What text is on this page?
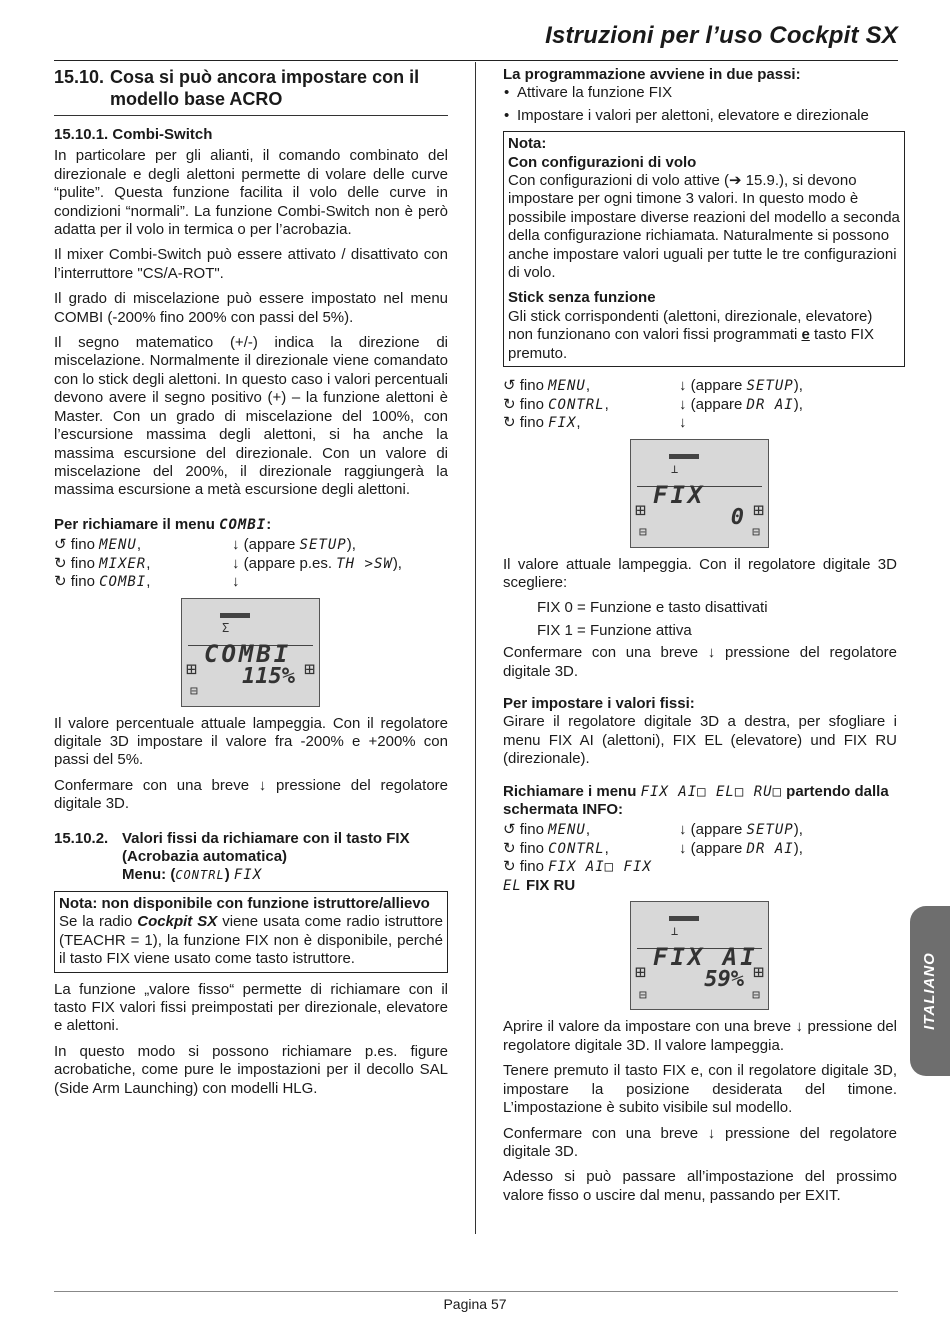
Istruzioni per l’uso Cockpit SX
15.10. Cosa si può ancora impostare con il modello base ACRO
15.10.1. Combi-Switch

In particolare per gli alianti, il comando combinato del direzionale e degli alettoni permette di volare delle curve “pulite”. Questa funzione facilita il volo delle curve in condizioni “normali”. La funzione Combi-Switch non è però adatta per il volo in termica o per l’acrobazia.

Il mixer Combi-Switch può essere attivato / disattivato con l’interruttore "CS/A-ROT".

Il grado di miscelazione può essere impostato nel menu COMBI (-200% fino 200% con passi del 5%).

Il segno matematico (+/-) indica la direzione di miscelazione. Normalmente il direzionale viene comandato con lo stick degli alettoni. In questo caso i valori percentuali devono avere il segno positivo (+) – la funzione alettoni è Master. Con un grado di miscelazione del 100%, con l’escursione massima degli alettoni, si ha anche la massima escursione del direzionale. Con un valore di miscelazione del 200%, il direzionale raggiungerà la massima escursione a metà escursione degli alettoni.

Per richiamare il menu COMBI:
↺ fino MENU,	↓ (appare SETUP),
↻ fino MIXER,	↓ (appare p.es. TH >SW),
↻ fino COMBI,	↓
Σ
COMBI
115%
⊞	⊞
⊟

Il valore percentuale attuale lampeggia. Con il regolatore digitale 3D impostare il valore fra -200% e +200% con passi del 5%.

Confermare con una breve ↓ pressione del regolatore digitale 3D.

15.10.2. Valori fissi da richiamare con il tasto FIX (Acrobazia automatica)
Menu: (CONTRL) FIX
Nota: non disponibile con funzione istruttore/allievo

Se la radio Cockpit SX viene usata come radio istruttore (TEACHR = 1), la funzione FIX non è disponibile, perché il tasto FIX viene usato come tasto istruttore.

La funzione „valore fisso“ permette di richiamare con il tasto FIX valori fissi preimpostati per direzionale, elevatore e alettoni.

In questo modo si possono richiamare p.es. figure acrobatiche, come pure le impostazioni per il decollo SAL (Side Arm Launching) con modelli HLG.

La programmazione avviene in due passi:
• Attivare la funzione FIX
• Impostare i valori per alettoni, elevatore e direzionale
Nota:
Con configurazioni di volo

Con configurazioni di volo attive (➔ 15.9.), si devono impostare per ogni timone 3 valori. In questo modo è possibile impostare diverse reazioni del modello a seconda della configurazione richiamata. Naturalmente si possono anche impostare valori uguali per tutte le tre configurazioni di volo.

Stick senza funzione

Gli stick corrispondenti (alettoni, direzionale, elevatore) non funzionano con valori fissi programmati e tasto FIX premuto.

↺ fino MENU,	↓ (appare SETUP),
↻ fino CONTRL,	↓ (appare DR AI),
↻ fino FIX,	↓
⊥
FIX
0
⊞	⊞
⊟	⊟

Il valore attuale lampeggia. Con il regolatore digitale 3D scegliere:

FIX 0 = Funzione e tasto disattivati
FIX 1 = Funzione attiva

Confermare con una breve ↓ pressione del regolatore digitale 3D.

Per impostare i valori fissi:

Girare il regolatore digitale 3D a destra, per sfogliare i menu FIX AI (alettoni), FIX EL (elevatore) und FIX RU (direzionale).

Richiamare i menu FIX AI□ EL□ RU□ partendo dalla schermata INFO:
↺ fino MENU,	↓ (appare SETUP),
↻ fino CONTRL,	↓ (appare DR AI),
↻ fino FIX AI□ FIX EL FIX RU
⊥
FIX AI
59%
⊞	⊞
⊟	⊟

Aprire il valore da impostare con una breve ↓ pressione del regolatore digitale 3D. Il valore lampeggia.

Tenere premuto il tasto FIX e, con il regolatore digitale 3D, impostare la posizione desiderata del timone. L’impostazione è subito visibile sul modello.

Confermare con una breve ↓ pressione del regolatore digitale 3D.

Adesso si può passare all’impostazione del prossimo valore fisso o uscire dal menu, passando per EXIT.

ITALIANO
Pagina 57
